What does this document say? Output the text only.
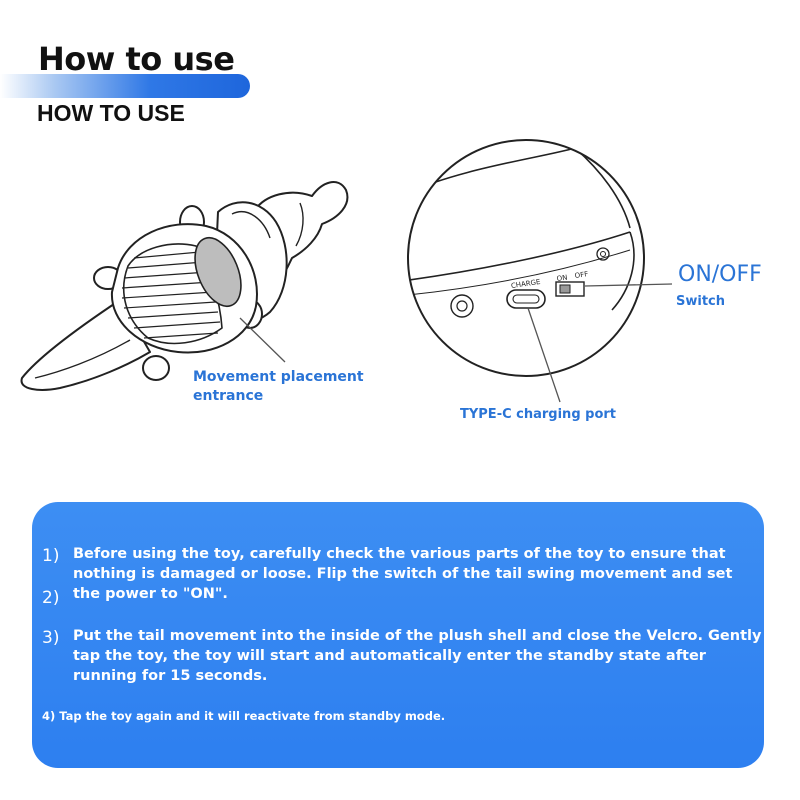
How to use
HOW TO USE
CHARGE ON OFF

Movement placement entrance

TYPE-C charging port

ON/OFF

Switch

1)

2)

3)

Before using the toy, carefully check the various parts of the toy to ensure that nothing is damaged or loose. Flip the switch of the tail swing movement and set the power to "ON".

Put the tail movement into the inside of the plush shell and close the Velcro. Gently tap the toy, the toy will start and automatically enter the standby state after running for 15 seconds.

4) Tap the toy again and it will reactivate from standby mode.
